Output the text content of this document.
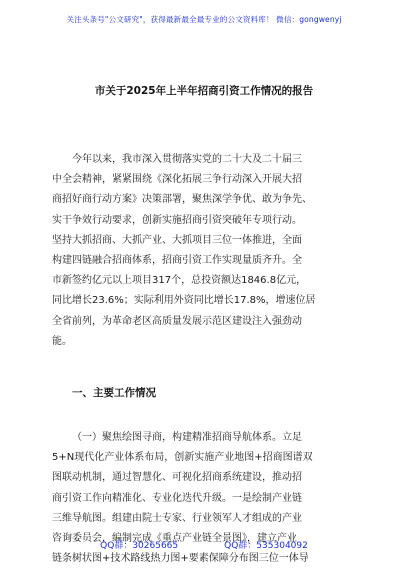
关注头条号"公文研究"，获得最新最全最专业的公文资料库！ 微信：gongwenyj
市关于2025年上半年招商引资工作情况的报告
今年以来，我市深入贯彻落实党的二十大及二十届三
中全会精神，紧紧围绕《深化拓展三争行动深入开展大招
商招好商行动方案》决策部署，聚焦深学争优、敢为争先、
实干争效行动要求，创新实施招商引资突破年专项行动。
坚持大抓招商、大抓产业、大抓项目三位一体推进，全面
构建四链融合招商体系，招商引资工作实现量质齐升。全
市新签约亿元以上项目317个，总投资额达1846.8亿元，
同比增长23.6%；实际利用外资同比增长17.8%，增速位居
全省前列，为革命老区高质量发展示范区建设注入强劲动
能。
一、主要工作情况
（一）聚焦绘图寻商，构建精准招商导航体系。立足
5+N现代化产业体系布局，创新实施产业地图+招商图谱双
图联动机制，通过智慧化、可视化招商系统建设，推动招
商引资工作向精准化、专业化迭代升级。一是绘制产业链
三维导航图。组建由院士专家、行业领军人才组成的产业
咨询委员会，编制完成《重点产业链全景图》，建立产业
链条树状图+技术路线热力图+要素保障分布图三位一体导
QQ群：30265665	QQ群：535304092
